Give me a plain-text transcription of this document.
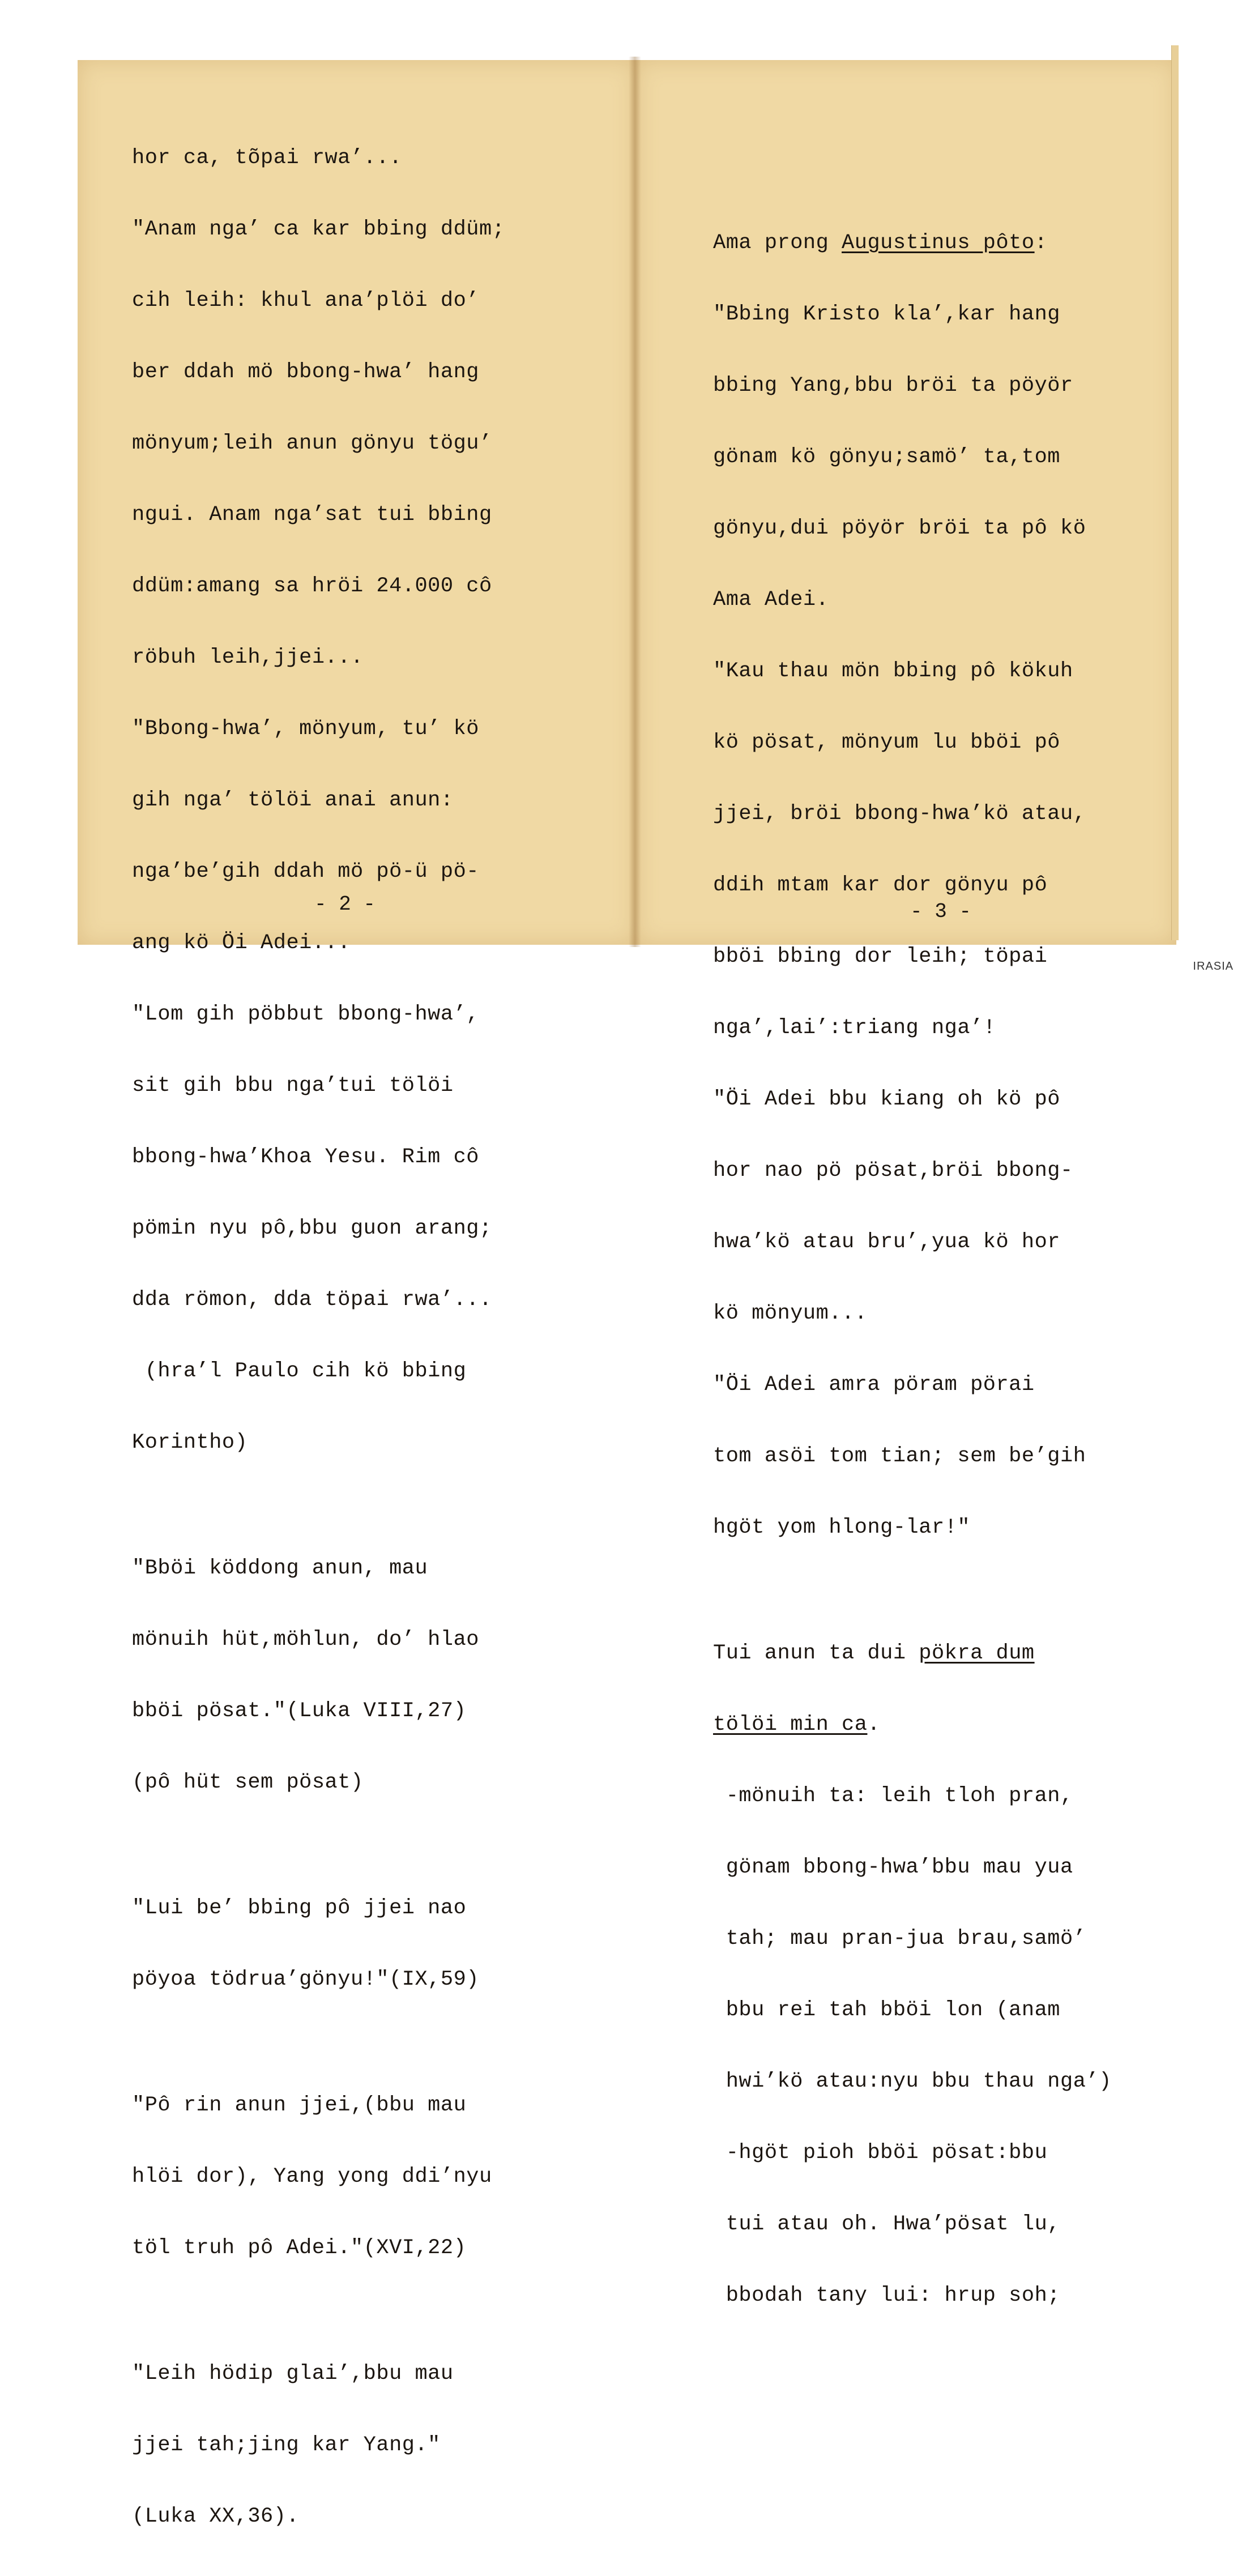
hor ca, tõpai rwa’...

"Anam nga’ ca kar bbing ddüm;

cih leih: khul ana’plöi do’

ber ddah mö bbong-hwa’ hang

mönyum;leih anun gönyu tögu’

ngui. Anam nga’sat tui bbing

ddüm:amang sa hröi 24.000 cô

röbuh leih,jjei...

"Bbong-hwa’, mönyum, tu’ kö

gih nga’ tölöi anai anun:

nga’be’gih ddah mö pö-ü pö-

ang kö Öi Adei...

"Lom gih pöbbut bbong-hwa’,

sit gih bbu nga’tui tölöi

bbong-hwa’Khoa Yesu. Rim cô

pömin nyu pô,bbu guon arang;

dda römon, dda töpai rwa’...

(hra’l Paulo cih kö bbing

Korintho)

"Bböi köddong anun, mau

mönuih hüt,möhlun, do’ hlao

bböi pösat."(Luka VIII,27)

(pô hüt sem pösat)

"Lui be’ bbing pô jjei nao

pöyoa tödrua’gönyu!"(IX,59)

"Pô rin anun jjei,(bbu mau

hlöi dor), Yang yong ddi’nyu

töl truh pô Adei."(XVI,22)

"Leih hödip glai’,bbu mau

jjei tah;jing kar Yang."

(Luka XX,36).

- 2 -

Ama prong Augustinus pôto:

"Bbing Kristo kla’,kar hang

bbing Yang,bbu bröi ta pöyör

gönam kö gönyu;samö’ ta,tom

gönyu,dui pöyör bröi ta pô kö

Ama Adei.

"Kau thau mön bbing pô kökuh

kö pösat, mönyum lu bböi pô

jjei, bröi bbong-hwa’kö atau,

ddih mtam kar dor gönyu pô

bböi bbing dor leih; töpai

nga’,lai’:triang nga’!

"Öi Adei bbu kiang oh kö pô

hor nao pö pösat,bröi bbong-

hwa’kö atau bru’,yua kö hor

kö mönyum...

"Öi Adei amra pöram pörai

tom asöi tom tian; sem be’gih

hgöt yom hlong-lar!"

Tui anun ta dui pökra dum

tölöi min ca.

-mönuih ta: leih tloh pran,

gönam bbong-hwa’bbu mau yua

tah; mau pran-jua brau,samö’

bbu rei tah bböi lon (anam

hwi’kö atau:nyu bbu thau nga’)

-hgöt pioh bböi pösat:bbu

tui atau oh. Hwa’pösat lu,

bbodah tany lui: hrup soh;

- 3 -
IRASIA
